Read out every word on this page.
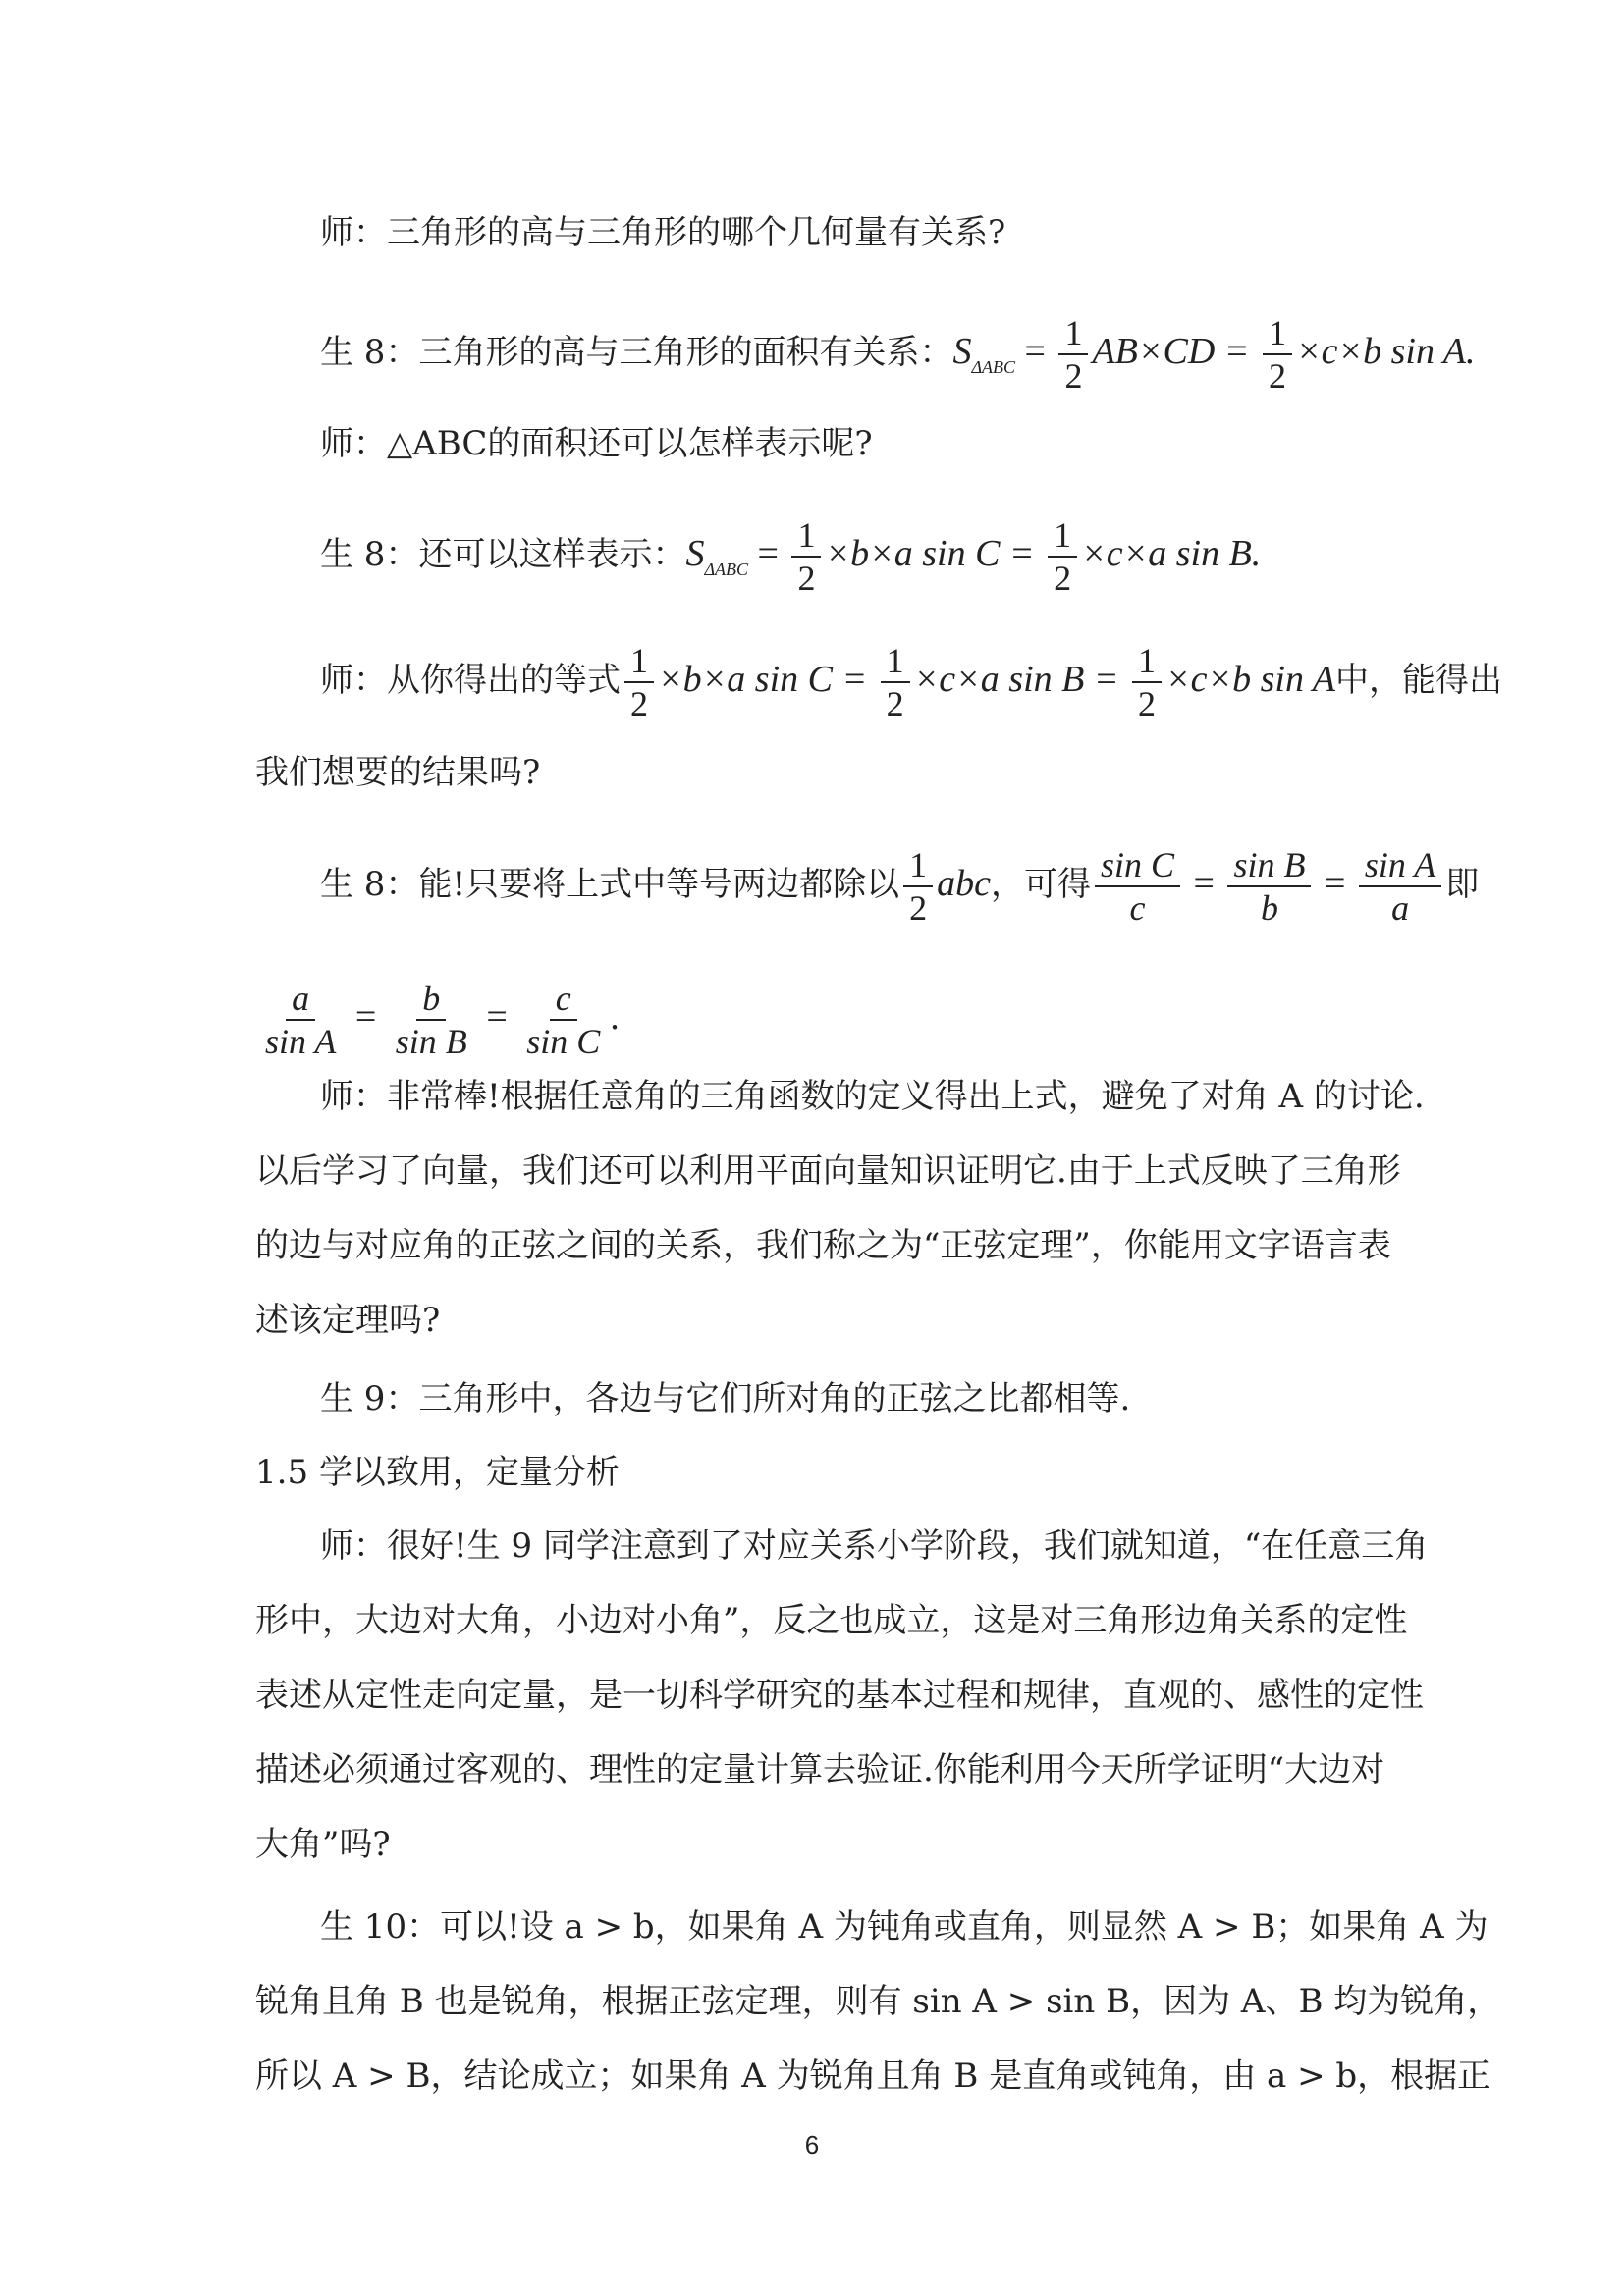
师：三角形的高与三角形的哪个几何量有关系?
生 8：三角形的高与三角形的面积有关系：$S_{\Delta ABC} = \frac{1}{2} AB\times CD = \frac{1}{2} \times c\times b$ sin A.
师：△ABC的面积还可以怎样表示呢?
生 8：还可以这样表示：$S_{\Delta ABC} = \frac{1}{2} \times b\times a$ $\sin C = \frac{1}{2} \times c\times a$ sin B.
师：从你得出的等式 $\frac{1}{2} \times b\times a$ $\sin C = \frac{1}{2} \times c\times a$ $\sin B = \frac{1}{2} \times c\times b$ sin A中，能得出
我们想要的结果吗?
生 8：能!只要将上式中等号两边都除以 $\frac{1}{2}$ abc，可得 $\frac{\text{sin C}}{c} = \frac{\text{sin B}}{b} = \frac{\text{sin A}}{a}$ 即
$\frac{a}{\text{sin A}} = \frac{b}{\text{sin B}} = \frac{c}{\text{sin C}}$ .
师：非常棒!根据任意角的三角函数的定义得出上式，避免了对角 A 的讨论.
以后学习了向量，我们还可以利用平面向量知识证明它.由于上式反映了三角形
的边与对应角的正弦之间的关系，我们称之为“正弦定理”，你能用文字语言表
述该定理吗?
生 9：三角形中，各边与它们所对角的正弦之比都相等.
1.5 学以致用，定量分析
师：很好!生 9 同学注意到了对应关系小学阶段，我们就知道，“在任意三角
形中，大边对大角，小边对小角”，反之也成立，这是对三角形边角关系的定性
表述从定性走向定量，是一切科学研究的基本过程和规律，直观的、感性的定性
描述必须通过客观的、理性的定量计算去验证.你能利用今天所学证明“大边对
大角”吗?
生 10：可以!设 a > b，如果角 A 为钝角或直角，则显然 A > B；如果角 A 为
锐角且角 B 也是锐角，根据正弦定理，则有 sin A > sin B，因为 A、B 均为锐角，
所以 A > B，结论成立；如果角 A 为锐角且角 B 是直角或钝角，由 a > b，根据正
6
